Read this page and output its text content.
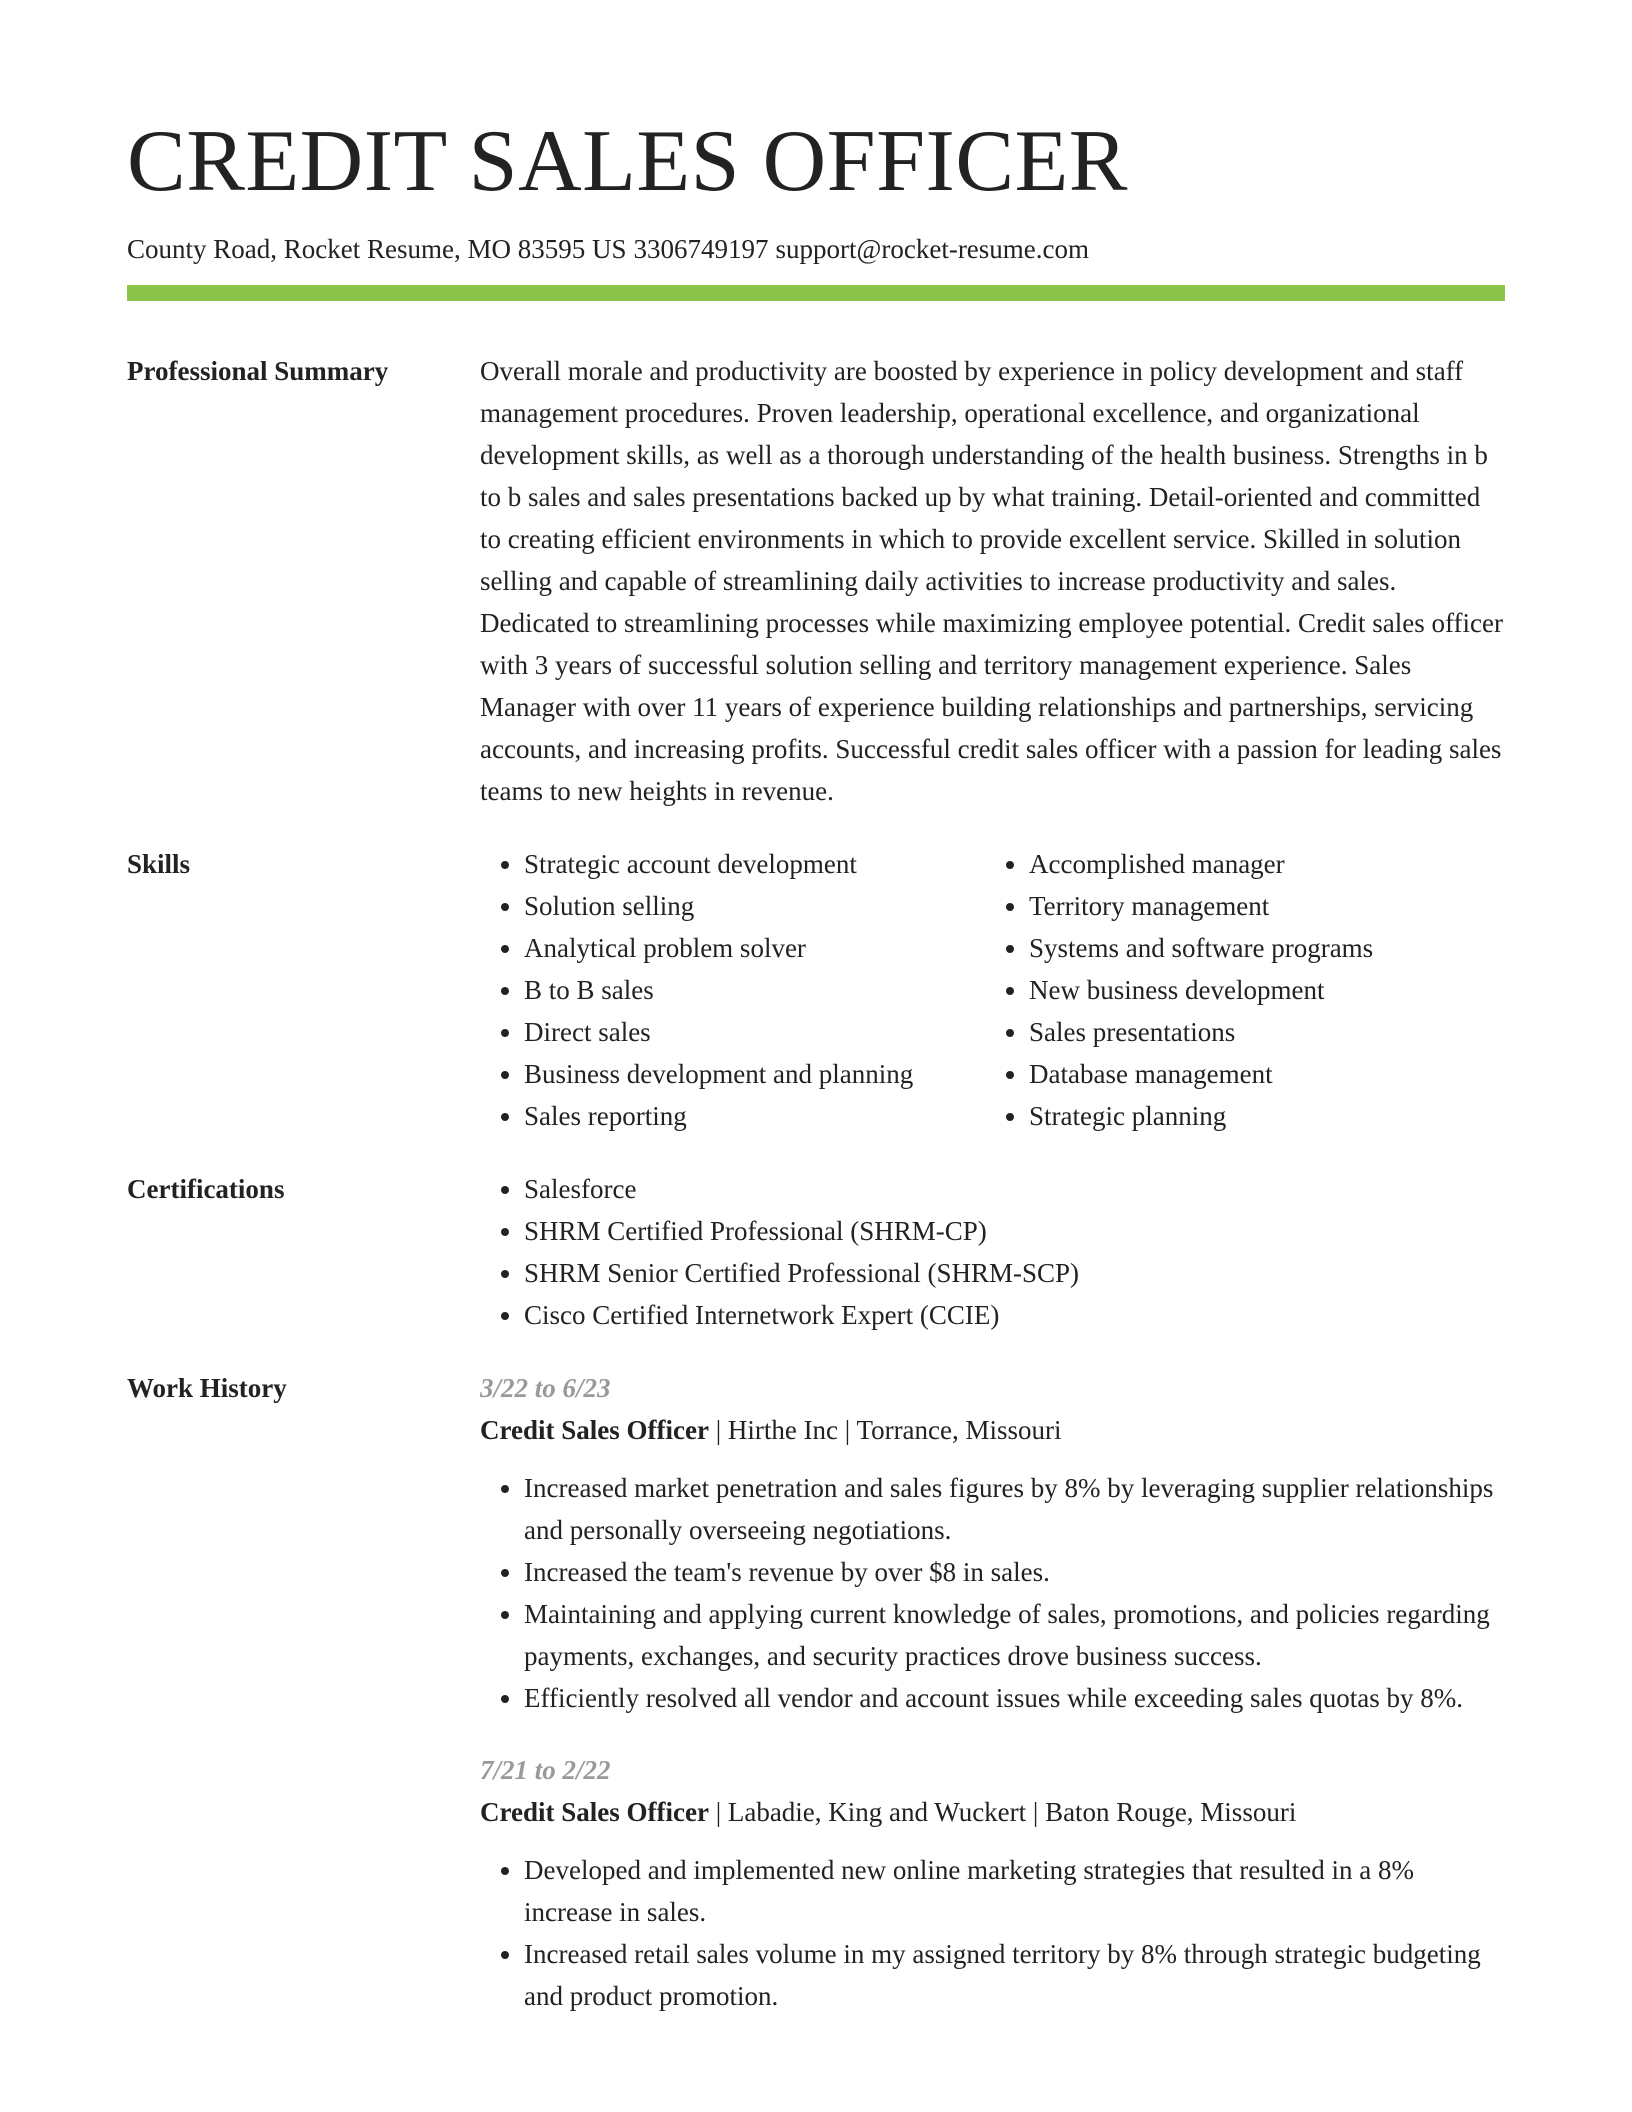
CREDIT SALES OFFICER
County Road, Rocket Resume, MO 83595 US 3306749197 support@rocket-resume.com
Professional Summary	Overall morale and productivity are boosted by experience in policy development and staff management procedures. Proven leadership, operational excellence, and organizational development skills, as well as a thorough understanding of the health business. Strengths in b to b sales and sales presentations backed up by what training. Detail-oriented and committed to creating efficient environments in which to provide excellent service. Skilled in solution selling and capable of streamlining daily activities to increase productivity and sales. Dedicated to streamlining processes while maximizing employee potential. Credit sales officer with 3 years of successful solution selling and territory management experience. Sales Manager with over 11 years of experience building relationships and partnerships, servicing accounts, and increasing profits. Successful credit sales officer with a passion for leading sales teams to new heights in revenue.

Skills	• Strategic account development
• Solution selling
• Analytical problem solver
• B to B sales
• Direct sales
• Business development and planning
• Sales reporting
• Accomplished manager
• Territory management
• Systems and software programs
• New business development
• Sales presentations
• Database management
• Strategic planning
Certifications	• Salesforce
• SHRM Certified Professional (SHRM-CP)
• SHRM Senior Certified Professional (SHRM-SCP)
• Cisco Certified Internetwork Expert (CCIE)
Work History	3/22 to 6/23
Credit Sales Officer | Hirthe Inc | Torrance, Missouri
• Increased market penetration and sales figures by 8% by leveraging supplier relationships and personally overseeing negotiations.
• Increased the team's revenue by over $8 in sales.
• Maintaining and applying current knowledge of sales, promotions, and policies regarding payments, exchanges, and security practices drove business success.
• Efficiently resolved all vendor and account issues while exceeding sales quotas by 8%.
7/21 to 2/22
Credit Sales Officer | Labadie, King and Wuckert | Baton Rouge, Missouri
• Developed and implemented new online marketing strategies that resulted in a 8% increase in sales.
• Increased retail sales volume in my assigned territory by 8% through strategic budgeting and product promotion.
